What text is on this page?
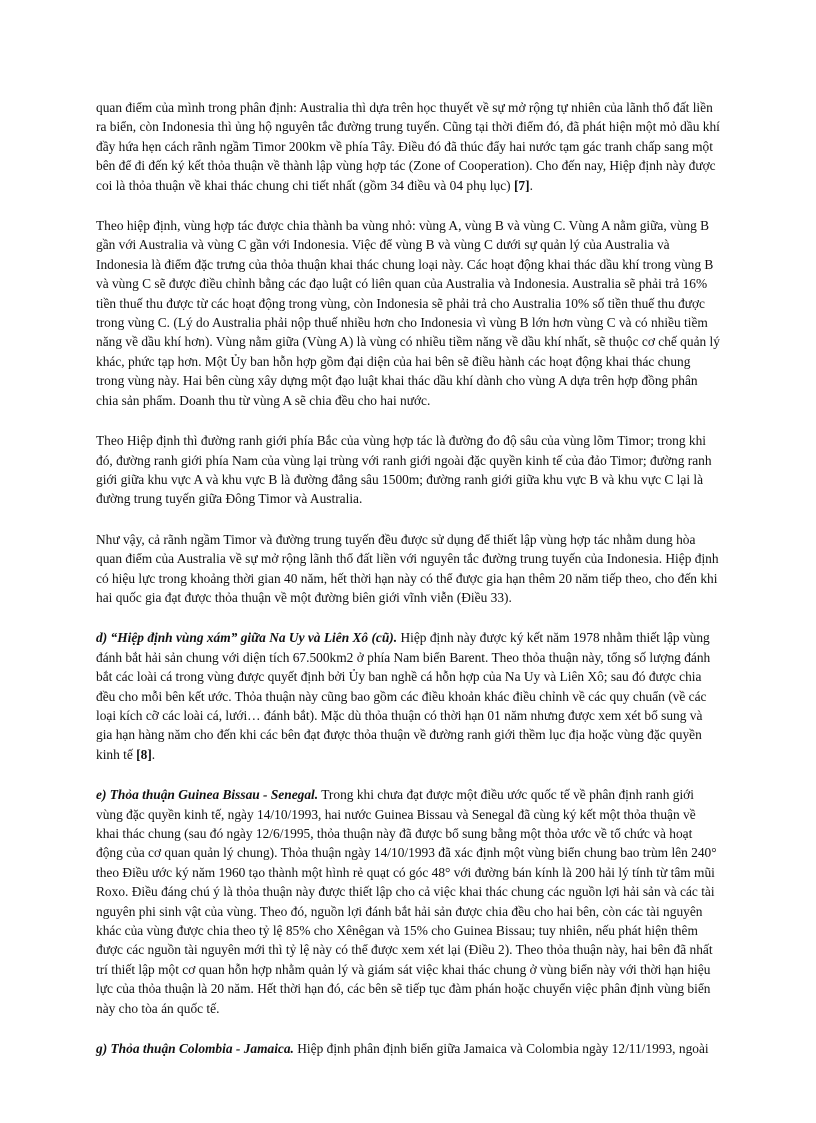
quan điểm của mình trong phân định: Australia thì dựa trên học thuyết về sự mở rộng tự nhiên của lãnh thổ đất liền ra biển, còn Indonesia thì ủng hộ nguyên tắc đường trung tuyến. Cũng tại thời điểm đó, đã phát hiện một mỏ dầu khí đầy hứa hẹn cách rãnh ngầm Timor 200km về phía Tây. Điều đó đã thúc đẩy hai nước tạm gác tranh chấp sang một bên để đi đến ký kết thỏa thuận về thành lập vùng hợp tác (Zone of Cooperation). Cho đến nay, Hiệp định này được coi là thỏa thuận về khai thác chung chi tiết nhất (gồm 34 điều và 04 phụ lục) [7].

Theo hiệp định, vùng hợp tác được chia thành ba vùng nhỏ: vùng A, vùng B và vùng C. Vùng A nằm giữa, vùng B gần với Australia và vùng C gần với Indonesia. Việc để vùng B và vùng C dưới sự quản lý của Australia và Indonesia là điểm đặc trưng của thỏa thuận khai thác chung loại này. Các hoạt động khai thác dầu khí trong vùng B và vùng C sẽ được điều chỉnh bằng các đạo luật có liên quan của Australia và Indonesia. Australia sẽ phải trả 16% tiền thuế thu được từ các hoạt động trong vùng, còn Indonesia sẽ phải trả cho Australia 10% số tiền thuế thu được trong vùng C. (Lý do Australia phải nộp thuế nhiều hơn cho Indonesia vì vùng B lớn hơn vùng C và có nhiều tiềm năng về dầu khí hơn). Vùng nằm giữa (Vùng A) là vùng có nhiều tiềm năng về dầu khí nhất, sẽ thuộc cơ chế quản lý khác, phức tạp hơn. Một Ủy ban hỗn hợp gồm đại diện của hai bên sẽ điều hành các hoạt động khai thác chung trong vùng này. Hai bên cùng xây dựng một đạo luật khai thác dầu khí dành cho vùng A dựa trên hợp đồng phân chia sản phẩm. Doanh thu từ vùng A sẽ chia đều cho hai nước.

Theo Hiệp định thì đường ranh giới phía Bắc của vùng hợp tác là đường đo độ sâu của vùng lõm Timor; trong khi đó, đường ranh giới phía Nam của vùng lại trùng với ranh giới ngoài đặc quyền kinh tế của đảo Timor; đường ranh giới giữa khu vực A và khu vực B là đường đẳng sâu 1500m; đường ranh giới giữa khu vực B và khu vực C lại là đường trung tuyến giữa Đông Timor và Australia.

Như vậy, cả rãnh ngầm Timor và đường trung tuyến đều được sử dụng để thiết lập vùng hợp tác nhằm dung hòa quan điểm của Australia về sự mở rộng lãnh thổ đất liền với nguyên tắc đường trung tuyến của Indonesia. Hiệp định có hiệu lực trong khoảng thời gian 40 năm, hết thời hạn này có thể được gia hạn thêm 20 năm tiếp theo, cho đến khi hai quốc gia đạt được thỏa thuận về một đường biên giới vĩnh viễn (Điều 33).

d) “Hiệp định vùng xám” giữa Na Uy và Liên Xô (cũ). Hiệp định này được ký kết năm 1978 nhằm thiết lập vùng đánh bắt hải sản chung với diện tích 67.500km2 ở phía Nam biển Barent. Theo thỏa thuận này, tổng số lượng đánh bắt các loài cá trong vùng được quyết định bởi Ủy ban nghề cá hỗn hợp của Na Uy và Liên Xô; sau đó được chia đều cho mỗi bên kết ước. Thỏa thuận này cũng bao gồm các điều khoản khác điều chỉnh về các quy chuẩn (về các loại kích cỡ các loài cá, lưới… đánh bắt). Mặc dù thỏa thuận có thời hạn 01 năm nhưng được xem xét bổ sung và gia hạn hàng năm cho đến khi các bên đạt được thỏa thuận về đường ranh giới thềm lục địa hoặc vùng đặc quyền kinh tế [8].

e) Thỏa thuận Guinea Bissau - Senegal. Trong khi chưa đạt được một điều ước quốc tế về phân định ranh giới vùng đặc quyền kinh tế, ngày 14/10/1993, hai nước Guinea Bissau và Senegal đã cùng ký kết một thỏa thuận về khai thác chung (sau đó ngày 12/6/1995, thỏa thuận này đã được bổ sung bằng một thỏa ước về tổ chức và hoạt động của cơ quan quản lý chung). Thỏa thuận ngày 14/10/1993 đã xác định một vùng biển chung bao trùm lên 240° theo Điều ước ký năm 1960 tạo thành một hình rẻ quạt có góc 48° với đường bán kính là 200 hải lý tính từ tâm mũi Roxo. Điều đáng chú ý là thỏa thuận này được thiết lập cho cả việc khai thác chung các nguồn lợi hải sản và các tài nguyên phi sinh vật của vùng. Theo đó, nguồn lợi đánh bắt hải sản được chia đều cho hai bên, còn các tài nguyên khác của vùng được chia theo tỷ lệ 85% cho Xênêgan và 15% cho Guinea Bissau; tuy nhiên, nếu phát hiện thêm được các nguồn tài nguyên mới thì tỷ lệ này có thể được xem xét lại (Điều 2). Theo thỏa thuận này, hai bên đã nhất trí thiết lập một cơ quan hỗn hợp nhằm quản lý và giám sát việc khai thác chung ở vùng biển này với thời hạn hiệu lực của thỏa thuận là 20 năm. Hết thời hạn đó, các bên sẽ tiếp tục đàm phán hoặc chuyển việc phân định vùng biển này cho tòa án quốc tế.

g) Thỏa thuận Colombia - Jamaica. Hiệp định phân định biển giữa Jamaica và Colombia ngày 12/11/1993, ngoài
